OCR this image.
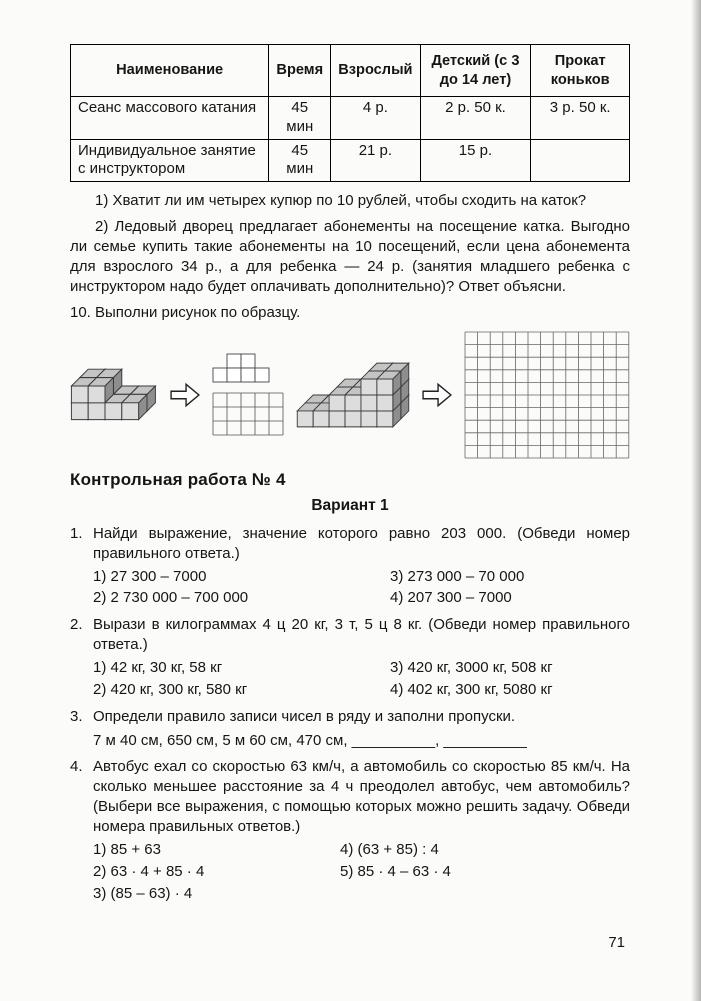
Наименование	Время	Взрослый	Детский (с 3 до 14 лет)	Прокат коньков
Сеанс массового катания	45 мин	4 р.	2 р. 50 к.	3 р. 50 к.
Индивидуальное занятие с инструктором	45 мин	21 р.	15 р.	

1) Хватит ли им четырех купюр по 10 рублей, чтобы сходить на каток?

2) Ледовый дворец предлагает абонементы на посещение катка. Выгодно ли семье купить такие абонементы на 10 посещений, если цена абонемента для взрослого 34 р., а для ребенка — 24 р. (занятия младшего ребенка с инструктором надо будет оплачивать дополнительно)? Ответ объясни.

10. Выполни рисунок по образцу.

Контрольная работа № 4
Вариант 1
1. Найди выражение, значение которого равно 203 000. (Обведи номер правильного ответа.)
1) 27 300 – 7000	3) 273 000 – 70 000
2) 2 730 000 – 700 000	4) 207 300 – 7000
2. Вырази в килограммах 4 ц 20 кг, 3 т, 5 ц 8 кг. (Обведи номер правильного ответа.)
1) 42 кг, 30 кг, 58 кг	3) 420 кг, 3000 кг, 508 кг
2) 420 кг, 300 кг, 580 кг	4) 402 кг, 300 кг, 5080 кг
3. Определи правило записи чисел в ряду и заполни пропуски.
7 м 40 см, 650 см, 5 м 60 см, 470 см, __________, __________
4. Автобус ехал со скоростью 63 км/ч, а автомобиль со скоростью 85 км/ч. На сколько меньшее расстояние за 4 ч преодолел автобус, чем автомобиль? (Выбери все выражения, с помощью которых можно решить задачу. Обведи номера правильных ответов.)
1) 85 + 63	4) (63 + 85) : 4
2) 63 · 4 + 85 · 4	5) 85 · 4 – 63 · 4
3) (85 – 63) · 4
71
